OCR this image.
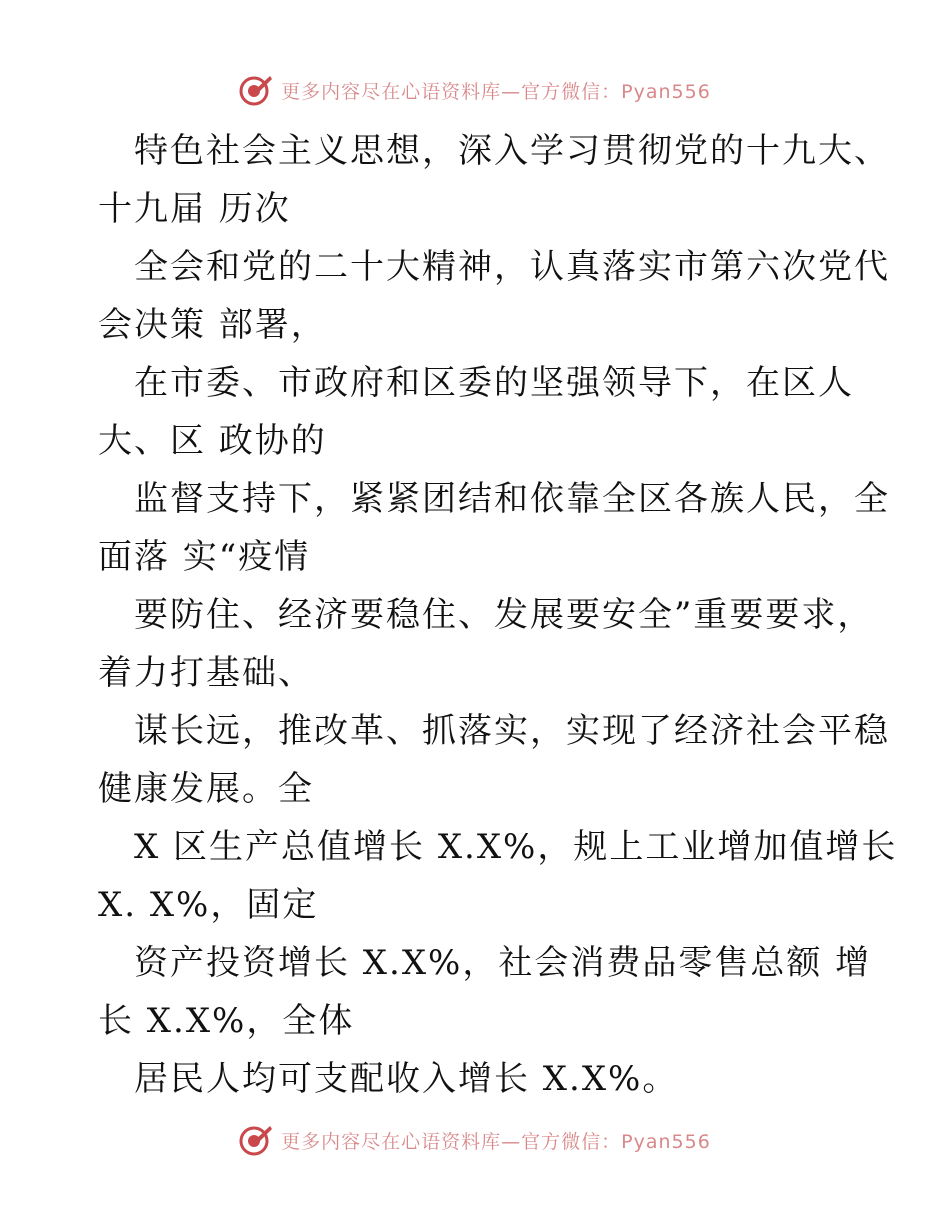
更多内容尽在心语资料库—官方微信：Pyan556
特色社会主义思想，深入学习贯彻党的十九大、
十九届 历次
全会和党的二十大精神，认真落实市第六次党代
会决策 部署，
在市委、市政府和区委的坚强领导下，在区人
大、区 政协的
监督支持下，紧紧团结和依靠全区各族人民，全
面落 实“疫情
要防住、经济要稳住、发展要安全”重要要求，
着力打基础、
谋长远，推改革、抓落实，实现了经济社会平稳
健康发展。全
X 区生产总值增长 X.X%，规上工业增加值增长
X. X%，固定
资产投资增长 X.X%，社会消费品零售总额 增
长 X.X%，全体
居民人均可支配收入增长 X.X%。
更多内容尽在心语资料库—官方微信：Pyan556
